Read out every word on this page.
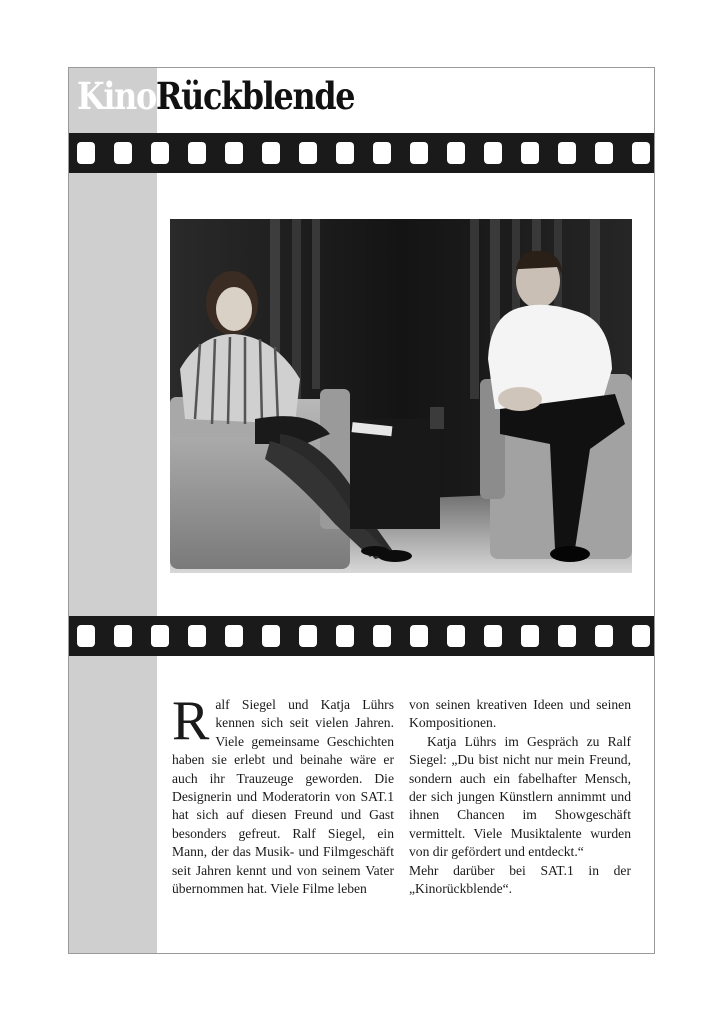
KinoRückblende

Ralf Siegel und Katja Lührs kennen sich seit vielen Jahren. Viele gemeinsame Geschichten haben sie erlebt und beinahe wäre er auch ihr Trauzeuge geworden. Die Designerin und Moderatorin von SAT.1 hat sich auf diesen Freund und Gast besonders gefreut. Ralf Siegel, ein Mann, der das Musik- und Filmgeschäft seit Jahren kennt und von seinem Vater übernommen hat. Viele Filme leben

von seinen kreativen Ideen und seinen Kompositionen.

Katja Lührs im Gespräch zu Ralf Siegel: „Du bist nicht nur mein Freund, sondern auch ein fabelhafter Mensch, der sich jungen Künstlern annimmt und ihnen Chancen im Showgeschäft vermittelt. Viele Musiktalente wurden von dir gefördert und entdeckt.“

Mehr darüber bei SAT.1 in der „Kinorückblende“.
